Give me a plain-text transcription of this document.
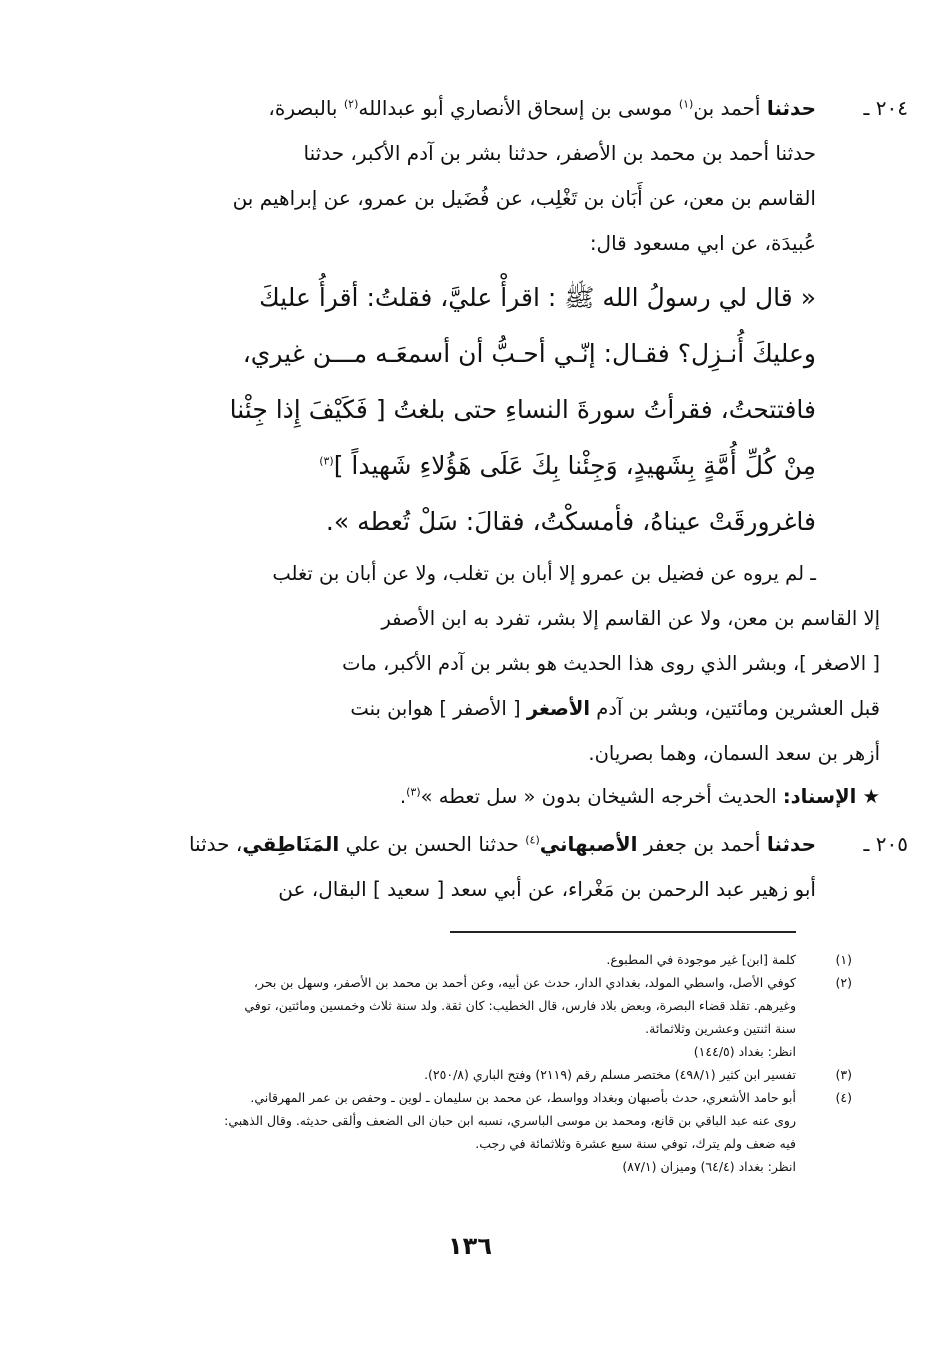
٢٠٤ ـ
حدثنا أحمد بن$^{(١)}$ موسى بن إسحاق الأنصاري أبو عبدالله$^{(٢)}$ بالبصرة،
حدثنا أحمد بن محمد بن الأصفر، حدثنا بشر بن آدم الأكبر، حدثنا
القاسم بن معن، عن أَبَان بن تَغْلِب، عن فُضَيل بن عمرو، عن إبراهيم بن
عُبيدَة، عن ابي مسعود قال:
« قال لي رسولُ الله ﷺ : اقرأْ عليَّ، فقلتُ: أقرأُ عليكَ
وعليكَ أُنـزِل؟ فقـال: إنّـي أحـبُّ أن أسمعَـه مـــن غيري،
فافتتحتُ، فقرأتُ سورةَ النساءِ حتى بلغتُ [ فَكَيْفَ إِذا جِئْنا
مِنْ كُلِّ أُمَّةٍ بِشَهيدٍ، وَجِئْنا بِكَ عَلَى هَؤُلاءِ شَهيداً ]$^{(٣)}$
فاغرورقَتْ عيناهُ، فأمسكْتُ، فقالَ: سَلْ تُعطه ».
ـ لم يروه عن فضيل بن عمرو إلا أبان بن تغلب، ولا عن أبان بن تغلب
إلا القاسم بن معن، ولا عن القاسم إلا بشر، تفرد به ابن الأصفر
[ الاصغر ]، وبشر الذي روى هذا الحديث هو بشر بن آدم الأكبر، مات
قبل العشرين ومائتين، وبشر بن آدم الأصغر [ الأصفر ] هوابن بنت
أزهر بن سعد السمان، وهما بصريان.
★ الإسناد: الحديث أخرجه الشيخان بدون « سل تعطه »$^{(٣)}$.
٢٠٥ ـ
حدثنا أحمد بن جعفر الأصبهاني$^{(٤)}$ حدثنا الحسن بن علي المَنَاطِقي، حدثنا
أبو زهير عبد الرحمن بن مَغْراء، عن أبي سعد [ سعيد ] البقال، عن
(١)
كلمة [ابن] غير موجودة في المطبوع.
(٢)
كوفي الأصل، واسطي المولد، بغدادي الدار، حدث عن أبيه، وعن أحمد بن محمد بن الأصفر، وسهل بن بحر،
وغيرهم. تقلد قضاء البصرة، وبعض بلاد فارس، قال الخطيب: كان ثقة. ولد سنة ثلاث وخمسين ومائتين، توفي
سنة اثنتين وعشرين وثلاثمائة.
انظر: بغداد (١٤٤/٥)
(٣)
تفسير ابن كثير (٤٩٨/١) مختصر مسلم رقم (٢١١٩) وفتح الباري (٢٥٠/٨).
(٤)
أبو حامد الأشعري، حدث بأصبهان وبغداد وواسط، عن محمد بن سليمان ـ لوين ـ وحفص بن عمر المهرقاني.
روى عنه عبد الباقي بن قانع، ومحمد بن موسى الباسري، نسبه ابن حبان الى الضعف وألقى حديثه. وقال الذهبي:
فيه ضعف ولم يترك، توفي سنة سبع عشرة وثلاثمائة في رجب.
انظر: بغداد (٦٤/٤) وميزان (٨٧/١)
١٣٦
